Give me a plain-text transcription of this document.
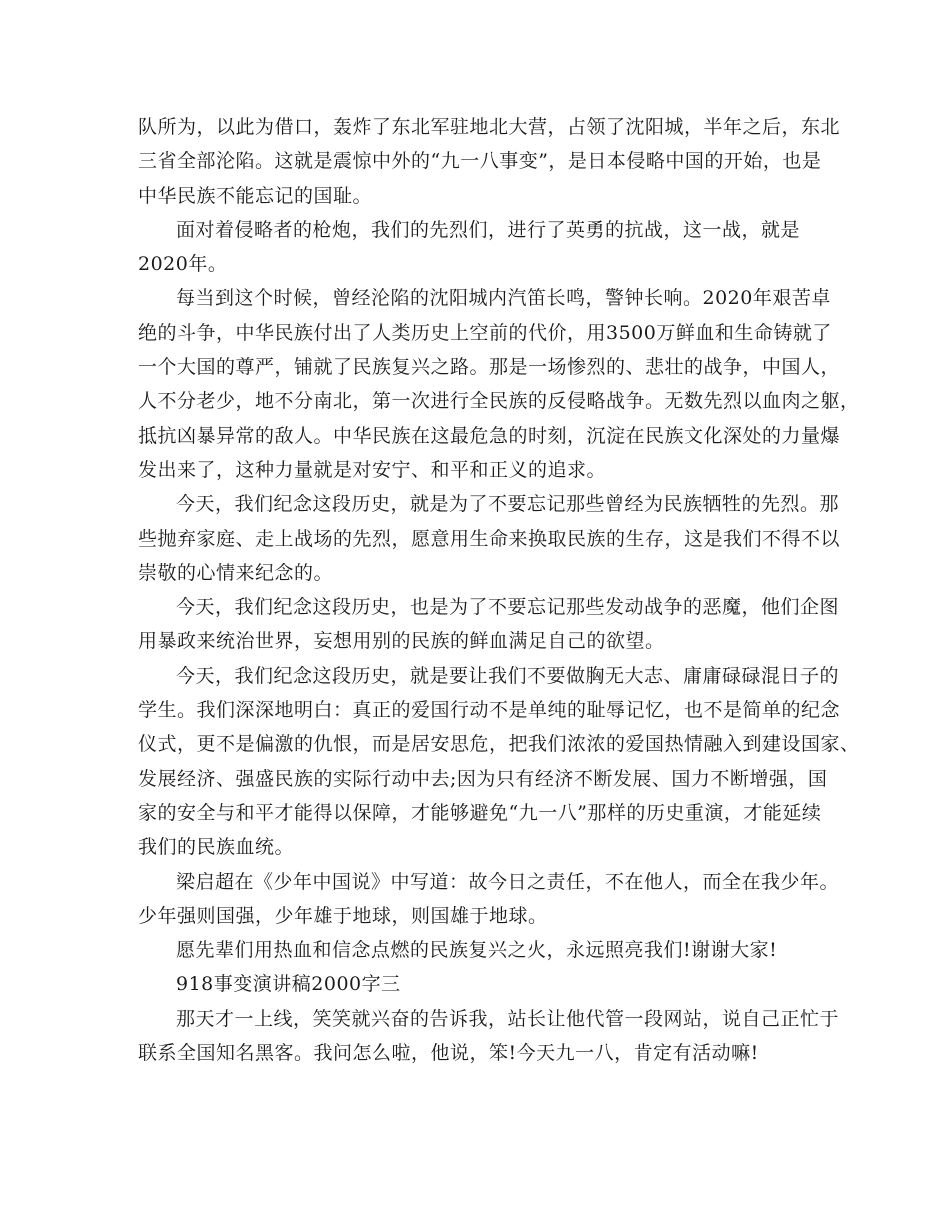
队所为，以此为借口，轰炸了东北军驻地北大营，占领了沈阳城，半年之后，东北
三省全部沦陷。这就是震惊中外的“九一八事变”，是日本侵略中国的开始，也是
中华民族不能忘记的国耻。
面对着侵略者的枪炮，我们的先烈们，进行了英勇的抗战，这一战，就是
2020年。
每当到这个时候，曾经沦陷的沈阳城内汽笛长鸣，警钟长响。2020年艰苦卓
绝的斗争，中华民族付出了人类历史上空前的代价，用3500万鲜血和生命铸就了
一个大国的尊严，铺就了民族复兴之路。那是一场惨烈的、悲壮的战争，中国人，
人不分老少，地不分南北，第一次进行全民族的反侵略战争。无数先烈以血肉之躯，
抵抗凶暴异常的敌人。中华民族在这最危急的时刻，沉淀在民族文化深处的力量爆
发出来了，这种力量就是对安宁、和平和正义的追求。
今天，我们纪念这段历史，就是为了不要忘记那些曾经为民族牺牲的先烈。那
些抛弃家庭、走上战场的先烈，愿意用生命来换取民族的生存，这是我们不得不以
崇敬的心情来纪念的。
今天，我们纪念这段历史，也是为了不要忘记那些发动战争的恶魔，他们企图
用暴政来统治世界，妄想用别的民族的鲜血满足自己的欲望。
今天，我们纪念这段历史，就是要让我们不要做胸无大志、庸庸碌碌混日子的
学生。我们深深地明白：真正的爱国行动不是单纯的耻辱记忆，也不是简单的纪念
仪式，更不是偏激的仇恨，而是居安思危，把我们浓浓的爱国热情融入到建设国家、
发展经济、强盛民族的实际行动中去;因为只有经济不断发展、国力不断增强，国
家的安全与和平才能得以保障，才能够避免“九一八”那样的历史重演，才能延续
我们的民族血统。
梁启超在《少年中国说》中写道：故今日之责任，不在他人，而全在我少年。
少年强则国强，少年雄于地球，则国雄于地球。
愿先辈们用热血和信念点燃的民族复兴之火，永远照亮我们!谢谢大家!
918事变演讲稿2000字三
那天才一上线，笑笑就兴奋的告诉我，站长让他代管一段网站，说自己正忙于
联系全国知名黑客。我问怎么啦，他说，笨!今天九一八，肯定有活动嘛!
